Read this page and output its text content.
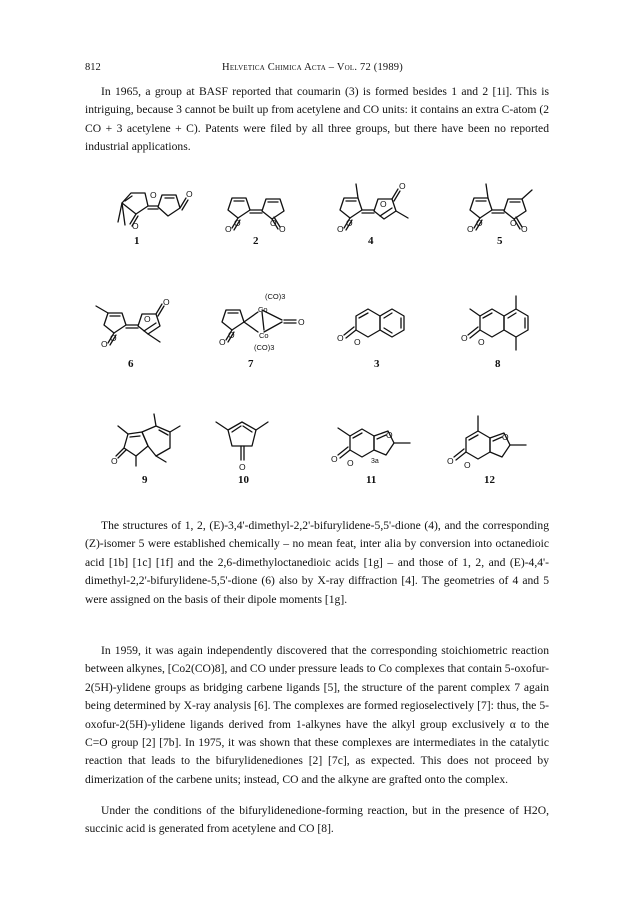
812	Helvetica Chimica Acta – Vol. 72 (1989)

In 1965, a group at BASF reported that coumarin (3) is formed besides 1 and 2 [1i]. This is intriguing, because 3 cannot be built up from acetylene and CO units: it contains an extra C-atom (2 CO + 3 acetylene + C). Patents were filed by all three groups, but there have been no reported industrial applications.

O
O	O
O
O	O
O	O
O
O
O
O
O	O
O
O
O
O
O
O
O
O
(CO)3
Co
Co
(CO)3
O O	O O
O
O
O O
O
3a	O O
O
1	2	4	5
6	7	3	8
9	10	11	12

The structures of 1, 2, (E)-3,4'-dimethyl-2,2'-bifurylidene-5,5'-dione (4), and the corresponding (Z)-isomer 5 were established chemically – no mean feat, inter alia by conversion into octanedioic acid [1b] [1c] [1f] and the 2,6-dimethyloctanedioic acids [1g] – and those of 1, 2, and (E)-4,4'-dimethyl-2,2'-bifurylidene-5,5'-dione (6) also by X-ray diffraction [4]. The geometries of 4 and 5 were assigned on the basis of their dipole moments [1g].

In 1959, it was again independently discovered that the corresponding stoichiometric reaction between alkynes, [Co2(CO)8], and CO under pressure leads to Co complexes that contain 5-oxofur-2(5H)-ylidene groups as bridging carbene ligands [5], the structure of the parent complex 7 again being determined by X-ray analysis [6]. The complexes are formed regioselectively [7]: thus, the 5-oxofur-2(5H)-ylidene ligands derived from 1-alkynes have the alkyl group exclusively α to the C=O group [2] [7b]. In 1975, it was shown that these complexes are intermediates in the catalytic reaction that leads to the bifurylidenediones [2] [7c], as expected. This does not proceed by dimerization of the carbene units; instead, CO and the alkyne are grafted onto the complex.

Under the conditions of the bifurylidenedione-forming reaction, but in the presence of H2O, succinic acid is generated from acetylene and CO [8].
